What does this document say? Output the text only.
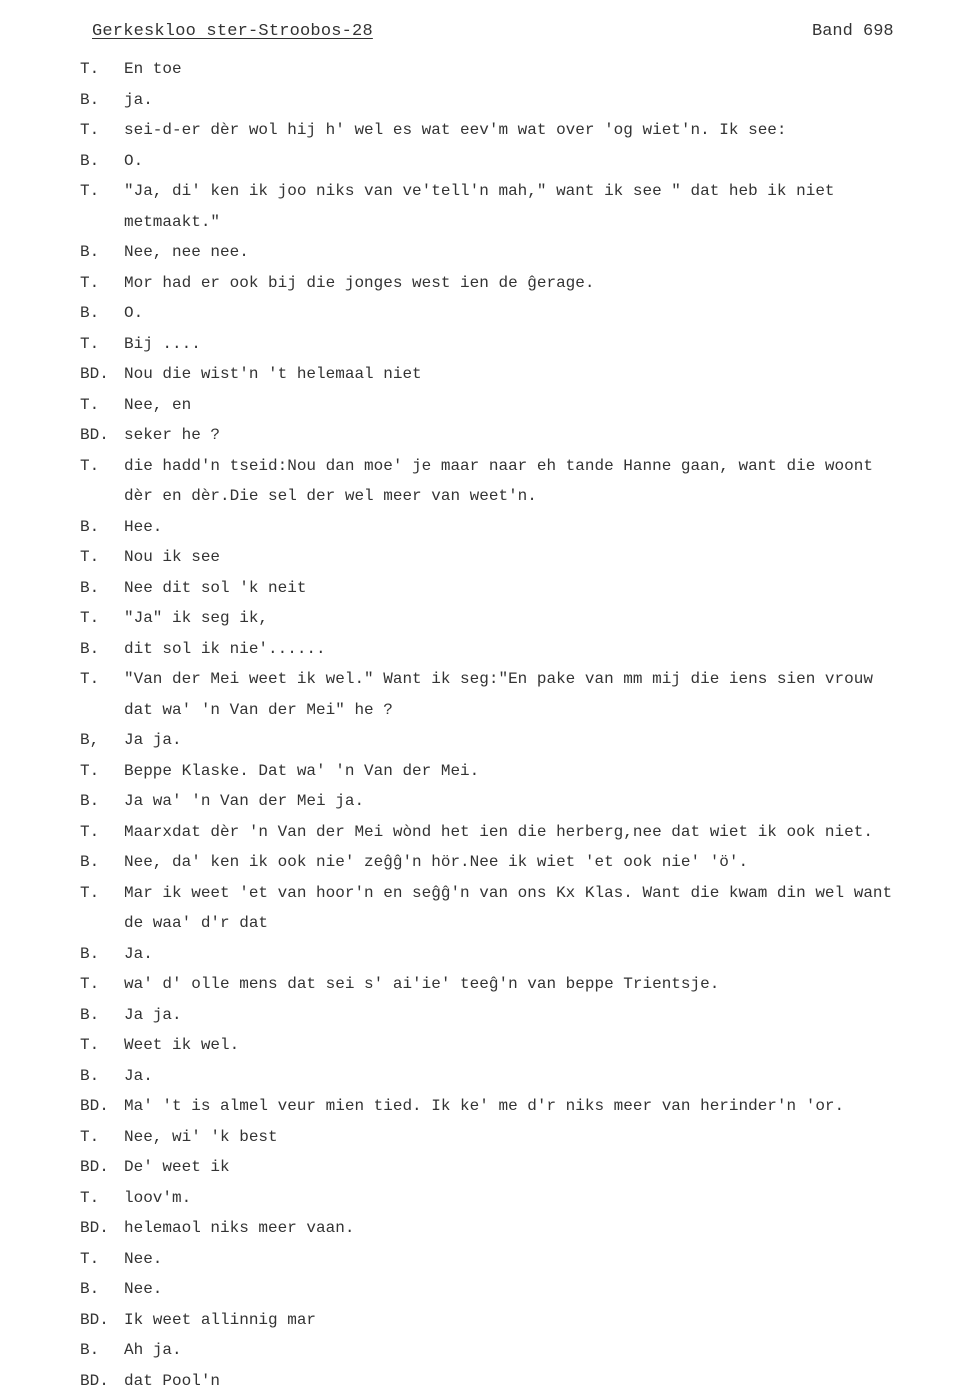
Gerkeskloo ster-Stroobos-28	Band 698
T.	En toe
B.	ja.
T.	sei-d-er dèr wol hij h' wel es wat eev'm wat over 'og wiet'n. Ik see:
B.	O.
T.	"Ja, di' ken ik joo niks van ve'tell'n mah," want ik see " dat heb ik niet
metmaakt."
B.	Nee, nee nee.
T.	Mor had er ook bij die jonges west ien de ĝerage.
B.	O.
T.	Bij ....
BD. Nou die wist'n 't helemaal niet
T.	Nee, en
BD. seker he ?
T.	die hadd'n tseid:Nou dan moe' je maar naar eh tande Hanne gaan, want die woont
dèr en dèr.Die sel der wel meer van weet'n.
B.	Hee.
T.	Nou ik see
B.	Nee dit sol 'k neit
T.	"Ja" ik seg ik,
B.	dit sol ik nie'......
T.	"Van der Mei weet ik wel." Want ik seg:"En pake van mm mij die iens sien vrouw
dat wa' 'n Van der Mei" he ?
B,	Ja ja.
T.	Beppe Klaske. Dat wa' 'n Van der Mei.
B.	Ja wa' 'n Van der Mei ja.
T.	Maarxdat dèr 'n Van der Mei wònd het ien die herberg,nee dat wiet ik ook niet.
B.	Nee, da' ken ik ook nie' zeĝĝ'n hör.Nee ik wiet 'et ook nie' 'ö'.
T.	Mar ik weet 'et van hoor'n en seĝĝ'n van ons Kx Klas. Want die kwam din wel want
de waa' d'r dat
B.	Ja.
T.	wa' d' olle mens dat sei s' ai'ie' teeĝ'n van beppe Trientsje.
B.	Ja ja.
T.	Weet ik wel.
B.	Ja.
BD. Ma' 't is almel veur mien tied. Ik ke' me d'r niks meer van herinder'n 'or.
T.	Nee, wi' 'k best
BD. De' weet ik
T.	loov'm.
BD. helemaol niks meer vaan.
T.	Nee.
B.	Nee.
BD. Ik weet allinnig mar
B.	Ah ja.
BD. dat Pool'n
